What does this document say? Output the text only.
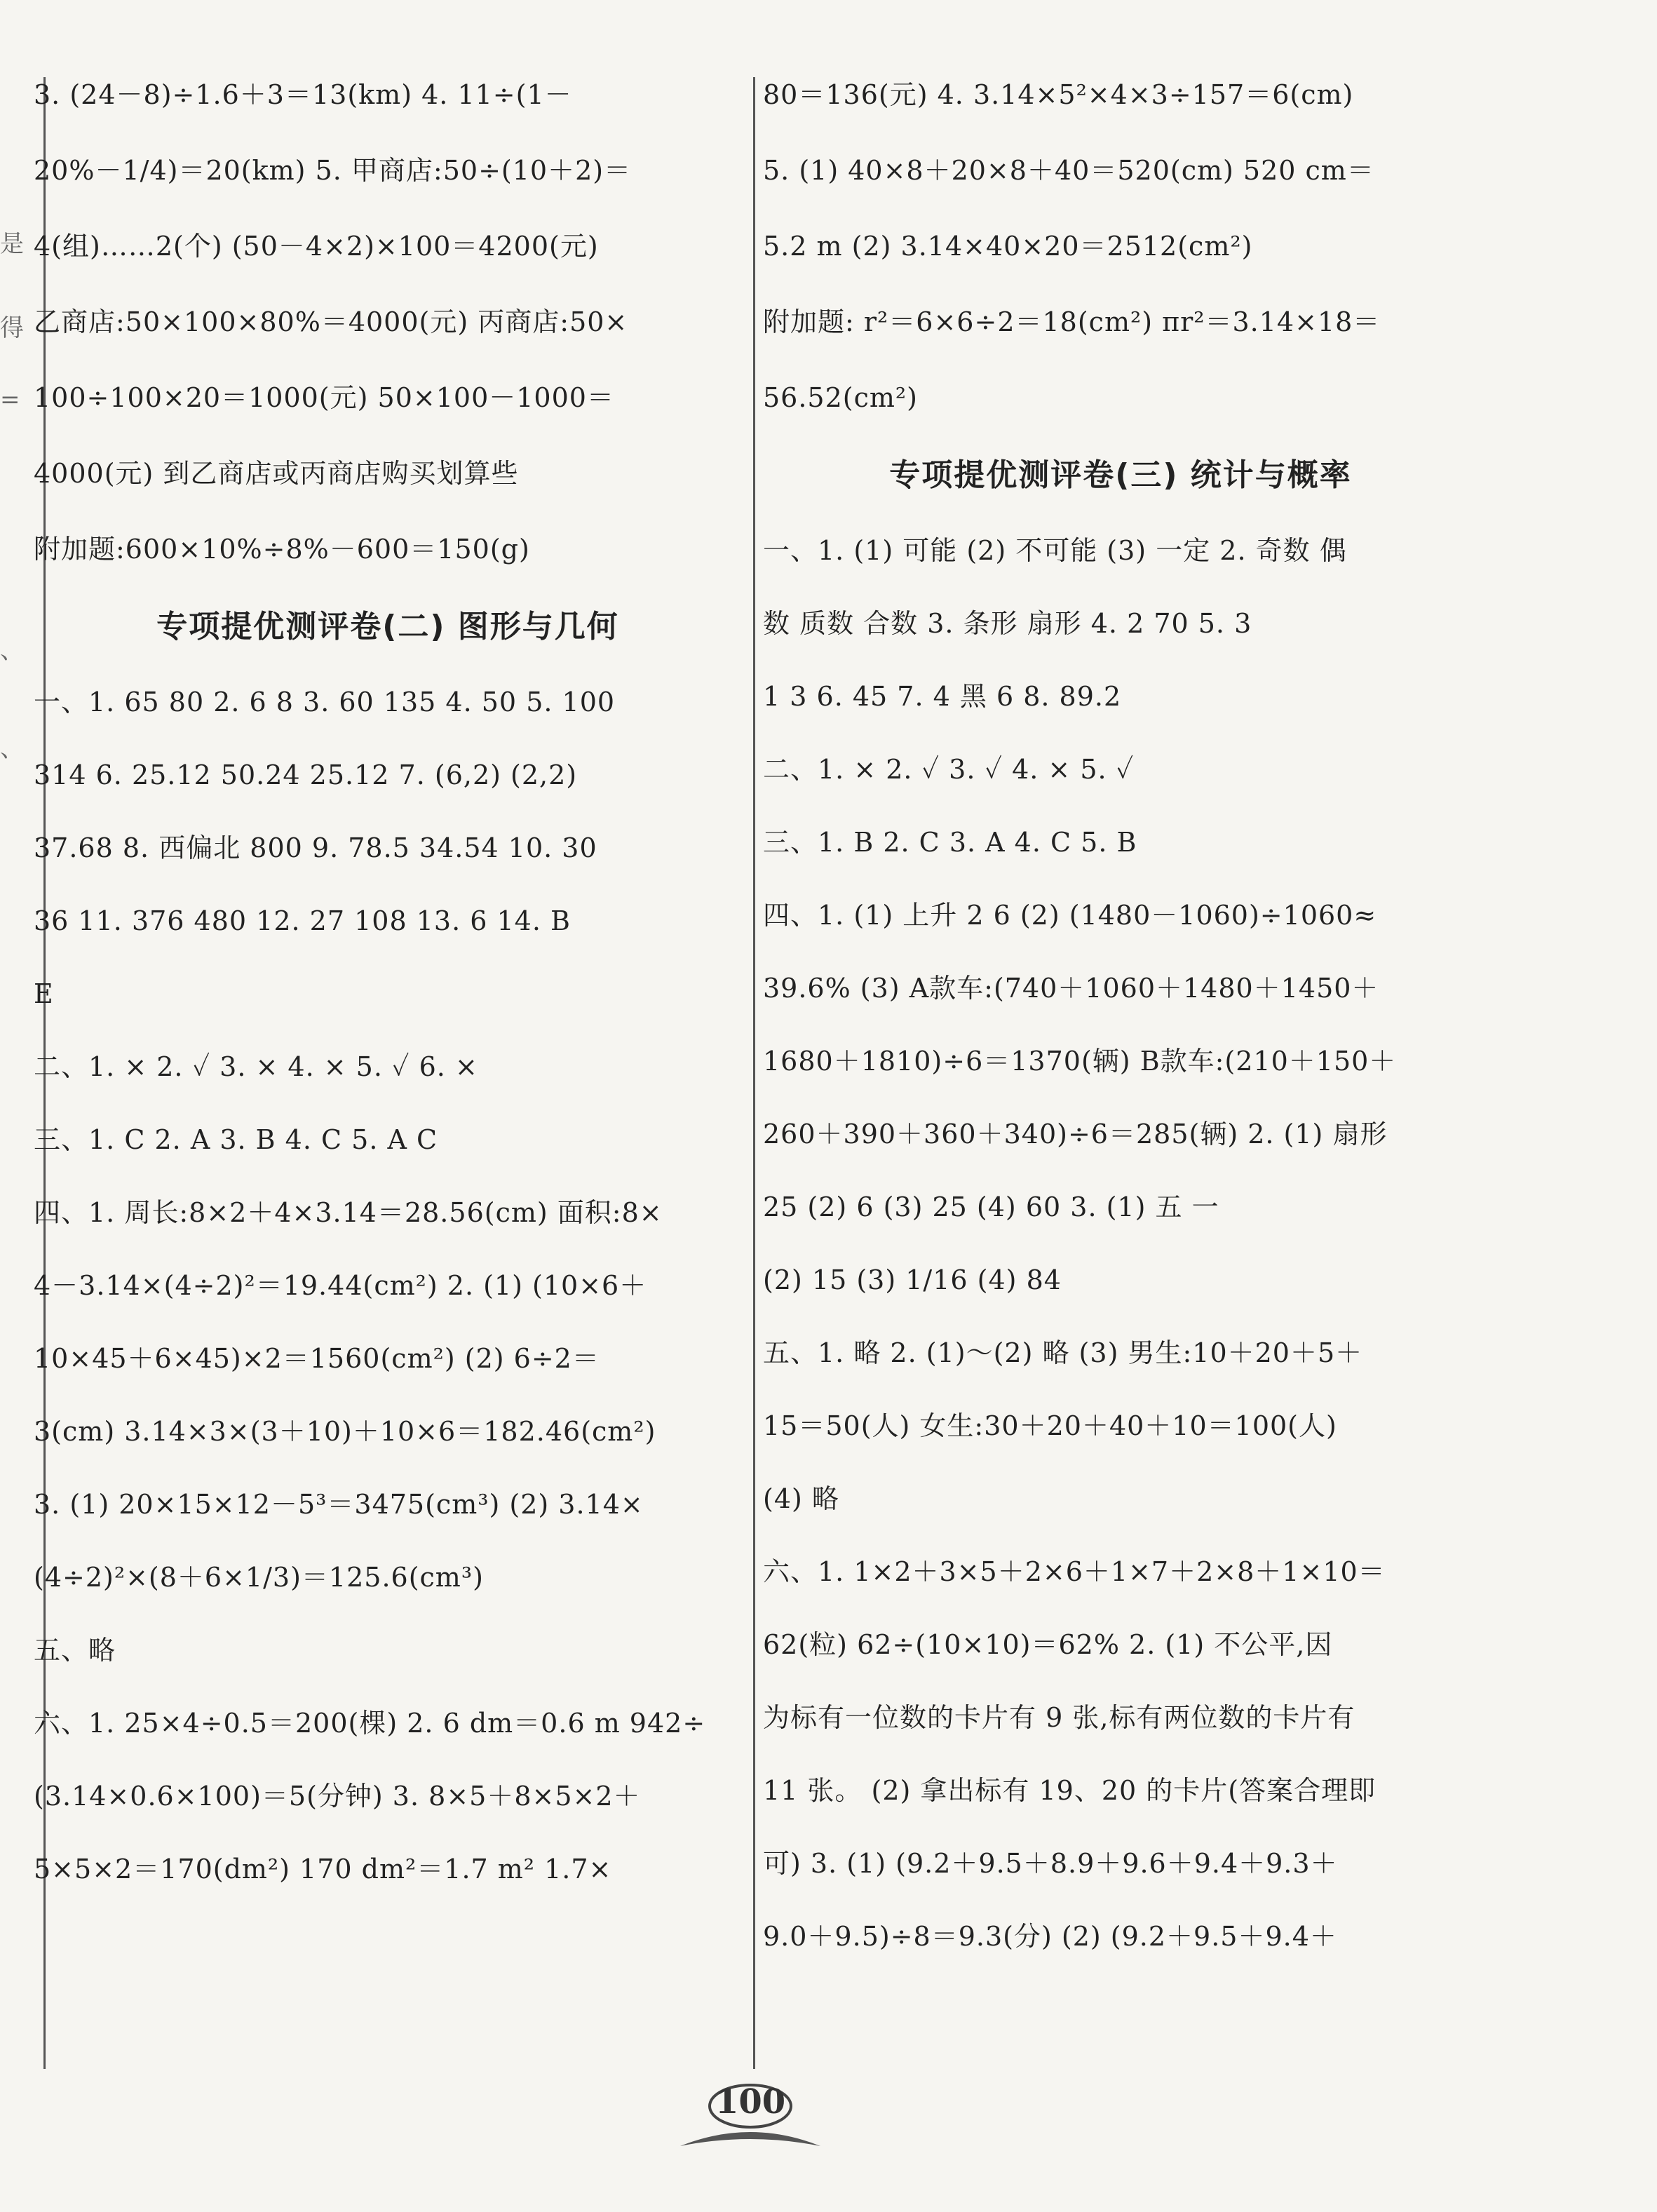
是
得
=
、
、
3. (24－8)÷1.6＋3＝13(km) 4. 11÷(1－
20%－1/4)＝20(km) 5. 甲商店:50÷(10＋2)＝
4(组)……2(个) (50－4×2)×100＝4200(元)
乙商店:50×100×80%＝4000(元) 丙商店:50×
100÷100×20＝1000(元) 50×100－1000＝
4000(元) 到乙商店或丙商店购买划算些
附加题:600×10%÷8%－600＝150(g)
专项提优测评卷(二) 图形与几何
一、1. 65 80 2. 6 8 3. 60 135 4. 50 5. 100
314 6. 25.12 50.24 25.12 7. (6,2) (2,2)
37.68 8. 西偏北 800 9. 78.5 34.54 10. 30
36 11. 376 480 12. 27 108 13. 6 14. B
E
二、1. × 2. ✓ 3. × 4. × 5. ✓ 6. ×
三、1. C 2. A 3. B 4. C 5. A C
四、1. 周长:8×2＋4×3.14＝28.56(cm) 面积:8×
4－3.14×(4÷2)²＝19.44(cm²) 2. (1) (10×6＋
10×45＋6×45)×2＝1560(cm²) (2) 6÷2＝
3(cm) 3.14×3×(3＋10)＋10×6＝182.46(cm²)
3. (1) 20×15×12－5³＝3475(cm³) (2) 3.14×
(4÷2)²×(8＋6×1/3)＝125.6(cm³)
五、略
六、1. 25×4÷0.5＝200(棵) 2. 6 dm＝0.6 m 942÷
(3.14×0.6×100)＝5(分钟) 3. 8×5＋8×5×2＋
5×5×2＝170(dm²) 170 dm²＝1.7 m² 1.7×
80＝136(元) 4. 3.14×5²×4×3÷157＝6(cm)
5. (1) 40×8＋20×8＋40＝520(cm) 520 cm＝
5.2 m (2) 3.14×40×20＝2512(cm²)
附加题: r²＝6×6÷2＝18(cm²) πr²＝3.14×18＝
56.52(cm²)
专项提优测评卷(三) 统计与概率
一、1. (1) 可能 (2) 不可能 (3) 一定 2. 奇数 偶
数 质数 合数 3. 条形 扇形 4. 2 70 5. 3
1 3 6. 45 7. 4 黑 6 8. 89.2
二、1. × 2. ✓ 3. ✓ 4. × 5. ✓
三、1. B 2. C 3. A 4. C 5. B
四、1. (1) 上升 2 6 (2) (1480－1060)÷1060≈
39.6% (3) A款车:(740＋1060＋1480＋1450＋
1680＋1810)÷6＝1370(辆) B款车:(210＋150＋
260＋390＋360＋340)÷6＝285(辆) 2. (1) 扇形
25 (2) 6 (3) 25 (4) 60 3. (1) 五 一
(2) 15 (3) 1/16 (4) 84
五、1. 略 2. (1)～(2) 略 (3) 男生:10＋20＋5＋
15＝50(人) 女生:30＋20＋40＋10＝100(人)
(4) 略
六、1. 1×2＋3×5＋2×6＋1×7＋2×8＋1×10＝
62(粒) 62÷(10×10)＝62% 2. (1) 不公平,因
为标有一位数的卡片有 9 张,标有两位数的卡片有
11 张。 (2) 拿出标有 19、20 的卡片(答案合理即
可) 3. (1) (9.2＋9.5＋8.9＋9.6＋9.4＋9.3＋
9.0＋9.5)÷8＝9.3(分) (2) (9.2＋9.5＋9.4＋
100
